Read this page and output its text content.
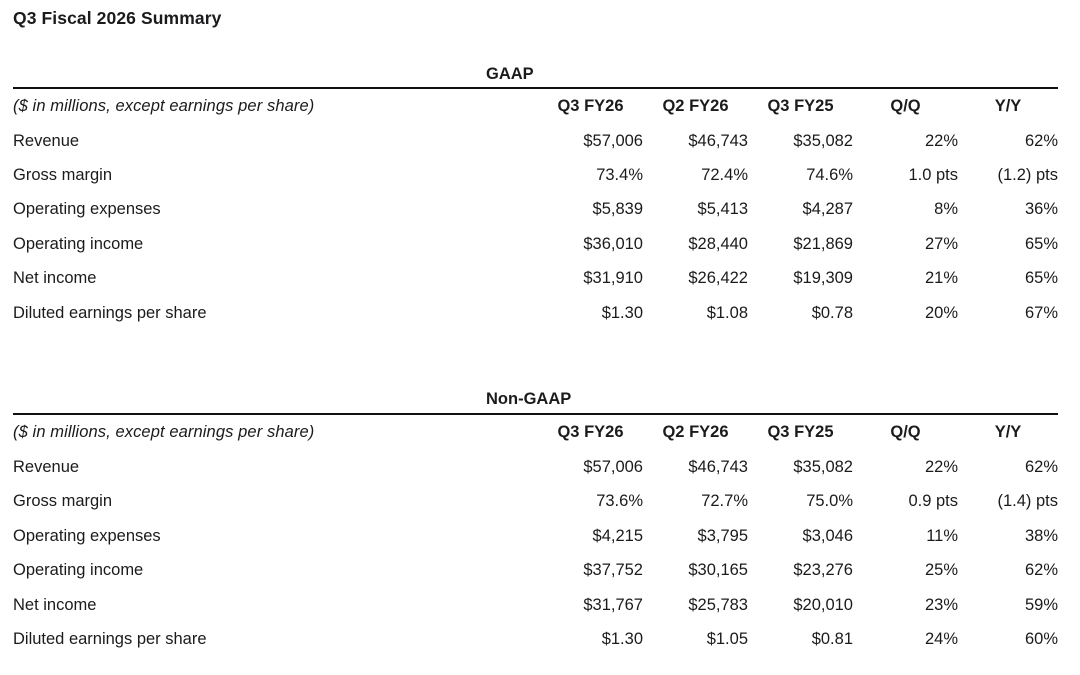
Q3 Fiscal 2026 Summary
GAAP
($ in millions, except earnings per share)	Q3 FY26	Q2 FY26	Q3 FY25	Q/Q	Y/Y
Revenue	$57,006	$46,743	$35,082	22%	62%
Gross margin	73.4%	72.4%	74.6%	1.0 pts	(1.2) pts
Operating expenses	$5,839	$5,413	$4,287	8%	36%
Operating income	$36,010	$28,440	$21,869	27%	65%
Net income	$31,910	$26,422	$19,309	21%	65%
Diluted earnings per share	$1.30	$1.08	$0.78	20%	67%
Non-GAAP
($ in millions, except earnings per share)	Q3 FY26	Q2 FY26	Q3 FY25	Q/Q	Y/Y
Revenue	$57,006	$46,743	$35,082	22%	62%
Gross margin	73.6%	72.7%	75.0%	0.9 pts	(1.4) pts
Operating expenses	$4,215	$3,795	$3,046	11%	38%
Operating income	$37,752	$30,165	$23,276	25%	62%
Net income	$31,767	$25,783	$20,010	23%	59%
Diluted earnings per share	$1.30	$1.05	$0.81	24%	60%
